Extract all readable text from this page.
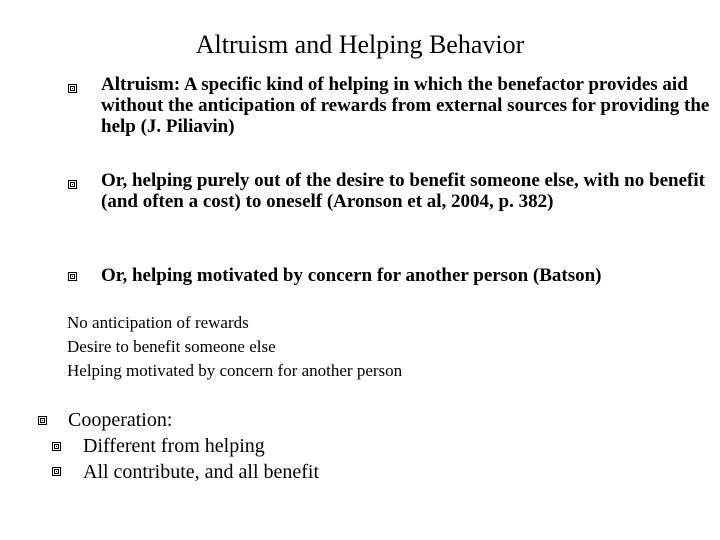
Altruism and Helping Behavior
Altruism: A specific kind of helping in which the benefactor provides aid without the anticipation of rewards from external sources for providing the help (J. Piliavin)
Or, helping purely out of the desire to benefit someone else, with no benefit (and often a cost) to oneself (Aronson et al, 2004, p. 382)
Or, helping motivated by concern for another person (Batson)
No anticipation of rewards
Desire to benefit someone else
Helping motivated by concern for another person
Cooperation:
Different from helping
All contribute, and all benefit
